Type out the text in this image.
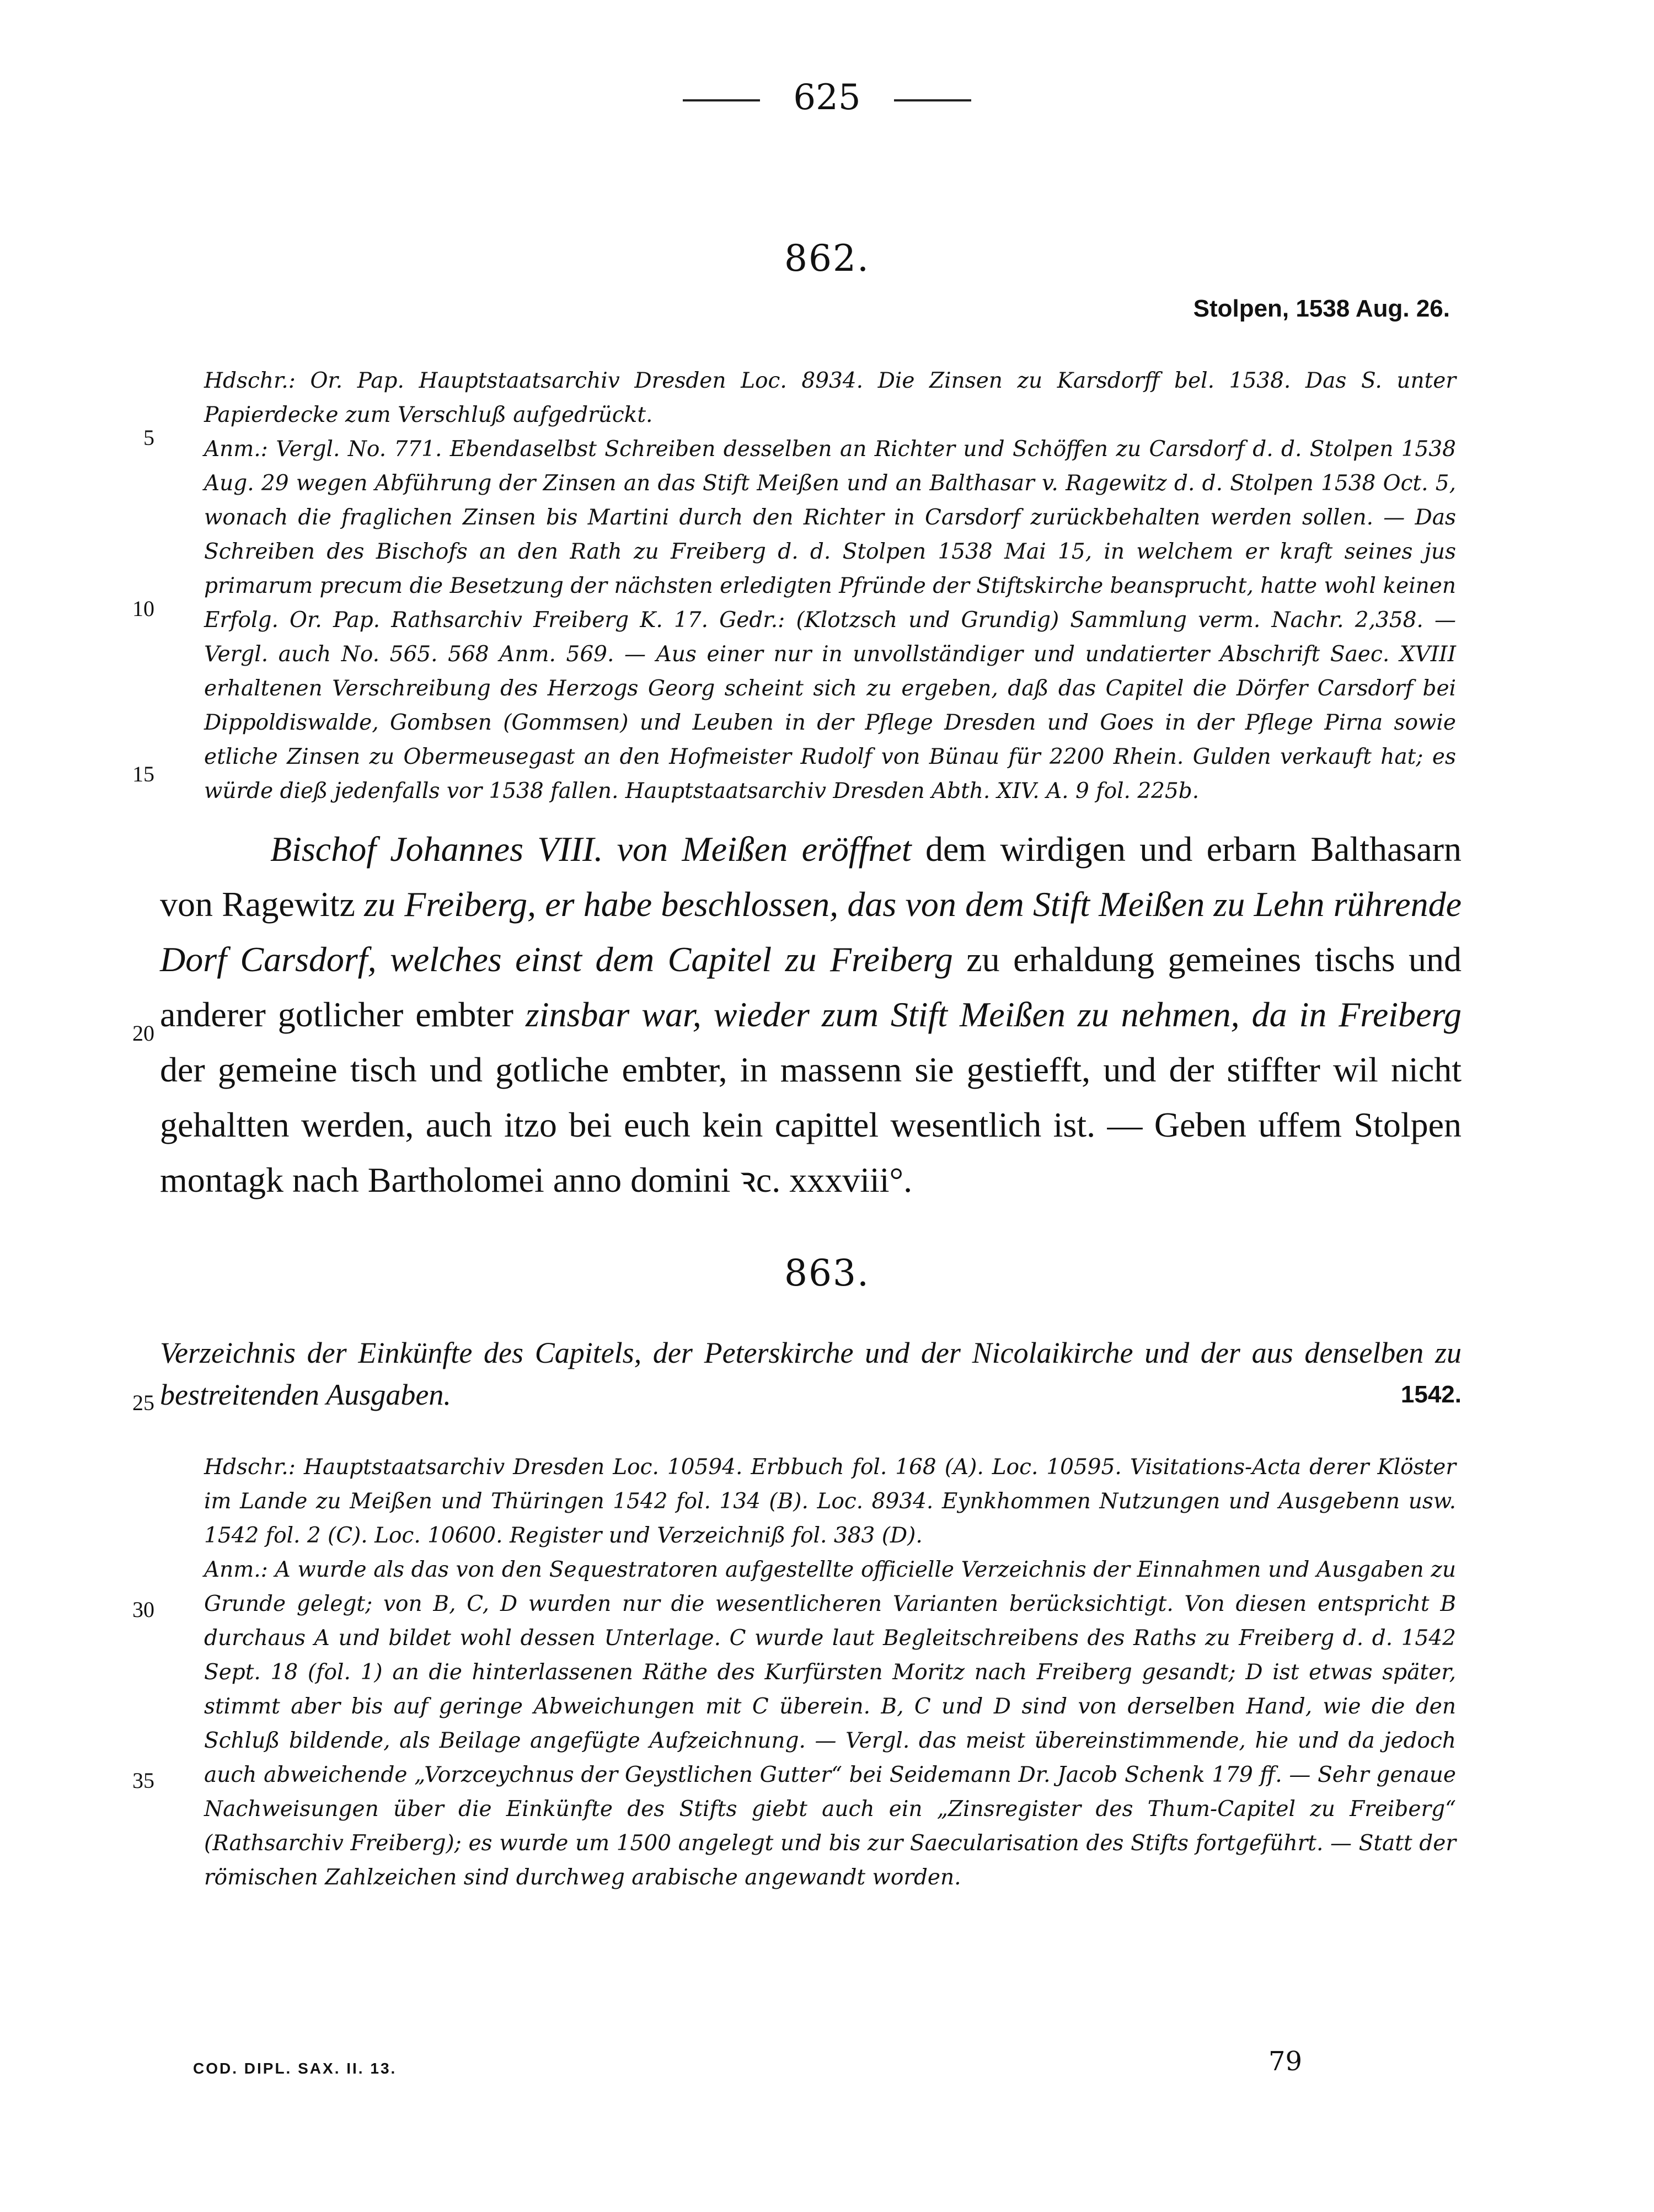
625
862.
Stolpen, 1538 Aug. 26.

Hdschr.: Or. Pap. Hauptstaatsarchiv Dresden Loc. 8934. Die Zinsen zu Karsdorff bel. 1538. Das S. unter Papierdecke zum Verschluß aufgedrückt.

Anm.: Vergl. No. 771. Ebendaselbst Schreiben desselben an Richter und Schöffen zu Carsdorf d. d. Stolpen 1538 Aug. 29 wegen Abführung der Zinsen an das Stift Meißen und an Balthasar v. Ragewitz d. d. Stolpen 1538 Oct. 5, wonach die fraglichen Zinsen bis Martini durch den Richter in Carsdorf zurückbehalten werden sollen. — Das Schreiben des Bischofs an den Rath zu Freiberg d. d. Stolpen 1538 Mai 15, in welchem er kraft seines jus primarum precum die Besetzung der nächsten erledigten Pfründe der Stiftskirche beansprucht, hatte wohl keinen Erfolg. Or. Pap. Rathsarchiv Freiberg K. 17. Gedr.: (Klotzsch und Grundig) Sammlung verm. Nachr. 2,358. — Vergl. auch No. 565. 568 Anm. 569. — Aus einer nur in unvollständiger und undatierter Abschrift Saec. XVIII erhaltenen Verschreibung des Herzogs Georg scheint sich zu ergeben, daß das Capitel die Dörfer Carsdorf bei Dippoldiswalde, Gombsen (Gommsen) und Leuben in der Pflege Dresden und Goes in der Pflege Pirna sowie etliche Zinsen zu Obermeusegast an den Hofmeister Rudolf von Bünau für 2200 Rhein. Gulden verkauft hat; es würde dieß jedenfalls vor 1538 fallen. Hauptstaatsarchiv Dresden Abth. XIV. A. 9 fol. 225b.

Bischof Johannes VIII. von Meißen eröffnet dem wirdigen und erbarn Balthasarn von Ragewitz zu Freiberg, er habe beschlossen, das von dem Stift Meißen zu Lehn rührende Dorf Carsdorf, welches einst dem Capitel zu Freiberg zu erhaldung gemeines tischs und anderer gotlicher embter zinsbar war, wieder zum Stift Meißen zu nehmen, da in Freiberg der gemeine tisch und gotliche embter, in massenn sie gestiefft, und der stiffter wil nicht gehaltten werden, auch itzo bei euch kein capittel wesentlich ist. — Geben uffem Stolpen montagk nach Bartholomei anno domini ꝛc. xxxviii°.

863.
Verzeichnis der Einkünfte des Capitels, der Peterskirche und der Nicolaikirche und der aus denselben zu bestreitenden Ausgaben.	1542.

Hdschr.: Hauptstaatsarchiv Dresden Loc. 10594. Erbbuch fol. 168 (A). Loc. 10595. Visitations-Acta derer Klöster im Lande zu Meißen und Thüringen 1542 fol. 134 (B). Loc. 8934. Eynkhommen Nutzungen und Ausgebenn usw. 1542 fol. 2 (C). Loc. 10600. Register und Verzeichniß fol. 383 (D).

Anm.: A wurde als das von den Sequestratoren aufgestellte officielle Verzeichnis der Einnahmen und Ausgaben zu Grunde gelegt; von B, C, D wurden nur die wesentlicheren Varianten berücksichtigt. Von diesen entspricht B durchaus A und bildet wohl dessen Unterlage. C wurde laut Begleitschreibens des Raths zu Freiberg d. d. 1542 Sept. 18 (fol. 1) an die hinterlassenen Räthe des Kurfürsten Moritz nach Freiberg gesandt; D ist etwas später, stimmt aber bis auf geringe Abweichungen mit C überein. B, C und D sind von derselben Hand, wie die den Schluß bildende, als Beilage angefügte Aufzeichnung. — Vergl. das meist übereinstimmende, hie und da jedoch auch abweichende „Vorzceychnus der Geystlichen Gutter“ bei Seidemann Dr. Jacob Schenk 179 ff. — Sehr genaue Nachweisungen über die Einkünfte des Stifts giebt auch ein „Zinsregister des Thum-Capitel zu Freiberg“ (Rathsarchiv Freiberg); es wurde um 1500 angelegt und bis zur Saecularisation des Stifts fortgeführt. — Statt der römischen Zahlzeichen sind durchweg arabische angewandt worden.

5
10
15
20
25
30
35
COD. DIPL. SAX. II. 13.	79
